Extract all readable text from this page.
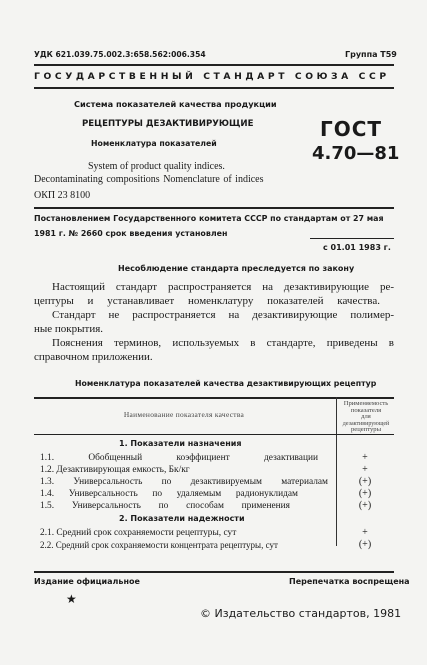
УДК 621.039.75.002.3:658.562:006.354	Группа Т59
ГОСУДАРСТВЕННЫЙ СТАНДАРТ СОЮЗА ССР
Система показателей качества продукции
РЕЦЕПТУРЫ ДЕЗАКТИВИРУЮЩИЕ
Номенклатура показателей
System of product quality indices.
Decontaminating compositions Nomenclature of indices
ОКП 23 8100
ГОСТ
4.70—81
Постановлением Государственного комитета СССР по стандартам от 27 мая
1981 г. № 2660 срок введения установлен
с 01.01 1983 г.
Несоблюдение стандарта преследуется по закону
Настоящий стандарт распространяется на дезактивирующие ре-
цептуры и устанавливает номенклатуру показателей качества.
Стандарт не распространяется на дезактивирующие полимер-
ные покрытия.
Пояснения терминов, используемых в стандарте, приведены в
справочном приложении.
Номенклатура показателей качества дезактивирующих рецептур
Наименование показателя качества
Применяемость
показателя
для
дезактивирующей
рецептуры
1. Показатели назначения
1.1. Обобщенный коэффициент дезактивации	+
1.2. Дезактивирующая емкость, Бк/кг	+
1.3. Универсальность по дезактивируемым материалам	(+)
1.4. Универсальность по удаляемым радионуклидам	(+)
1.5. Универсальность по способам применения	(+)
2. Показатели надежности
2.1. Средний срок сохраняемости рецептуры, сут	+
2.2. Средний срок сохраняемости концентрата рецептуры, сут	(+)
Издание официальное	Перепечатка воспрещена
★
© Издательство стандартов, 1981
